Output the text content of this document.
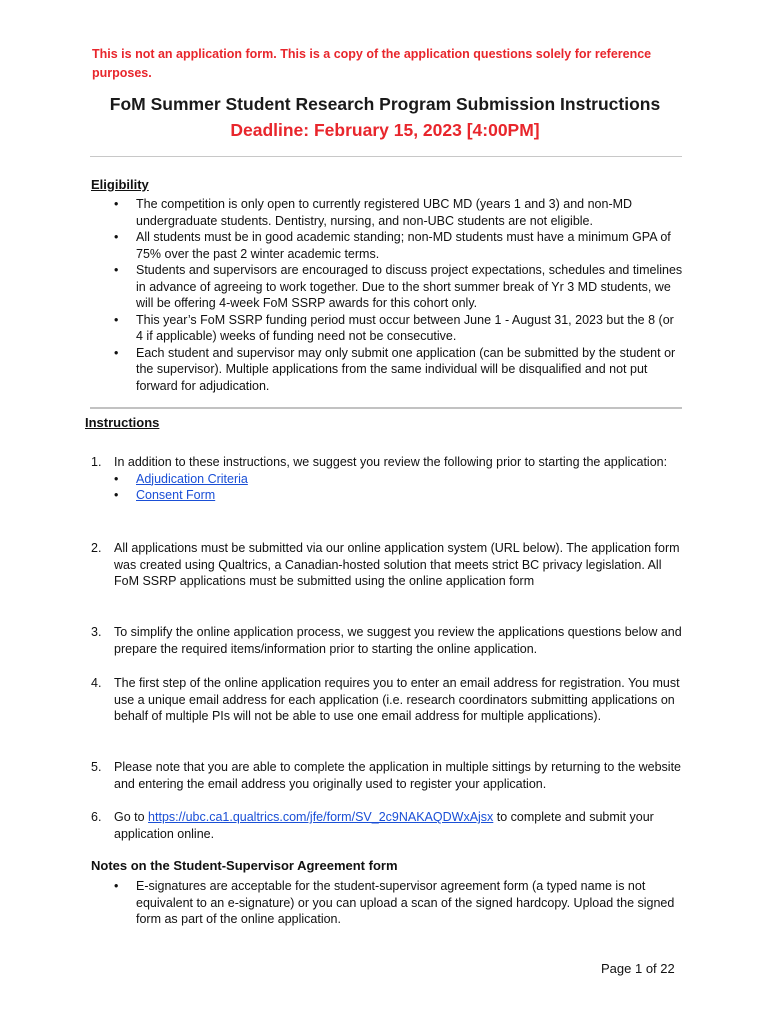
This is not an application form. This is a copy of the application questions solely for reference purposes.
FoM Summer Student Research Program Submission Instructions
Deadline: February 15, 2023 [4:00PM]
Eligibility
• The competition is only open to currently registered UBC MD (years 1 and 3) and non-MD undergraduate students. Dentistry, nursing, and non-UBC students are not eligible.
• All students must be in good academic standing; non-MD students must have a minimum GPA of 75% over the past 2 winter academic terms.
• Students and supervisors are encouraged to discuss project expectations, schedules and timelines in advance of agreeing to work together. Due to the short summer break of Yr 3 MD students, we will be offering 4-week FoM SSRP awards for this cohort only.
• This year’s FoM SSRP funding period must occur between June 1 - August 31, 2023 but the 8 (or 4 if applicable) weeks of funding need not be consecutive.
• Each student and supervisor may only submit one application (can be submitted by the student or the supervisor). Multiple applications from the same individual will be disqualified and not put forward for adjudication.
Instructions
1. In addition to these instructions, we suggest you review the following prior to starting the application:
• Adjudication Criteria
• Consent Form
2. All applications must be submitted via our online application system (URL below). The application form was created using Qualtrics, a Canadian-hosted solution that meets strict BC privacy legislation. All FoM SSRP applications must be submitted using the online application form
3. To simplify the online application process, we suggest you review the applications questions below and prepare the required items/information prior to starting the online application.
4. The first step of the online application requires you to enter an email address for registration. You must use a unique email address for each application (i.e. research coordinators submitting applications on behalf of multiple PIs will not be able to use one email address for multiple applications).
5. Please note that you are able to complete the application in multiple sittings by returning to the website and entering the email address you originally used to register your application.
6. Go to https://ubc.ca1.qualtrics.com/jfe/form/SV_2c9NAKAQDWxAjsx to complete and submit your application online.
Notes on the Student-Supervisor Agreement form
• E-signatures are acceptable for the student-supervisor agreement form (a typed name is not equivalent to an e-signature) or you can upload a scan of the signed hardcopy. Upload the signed form as part of the online application.
Page 1 of 22
